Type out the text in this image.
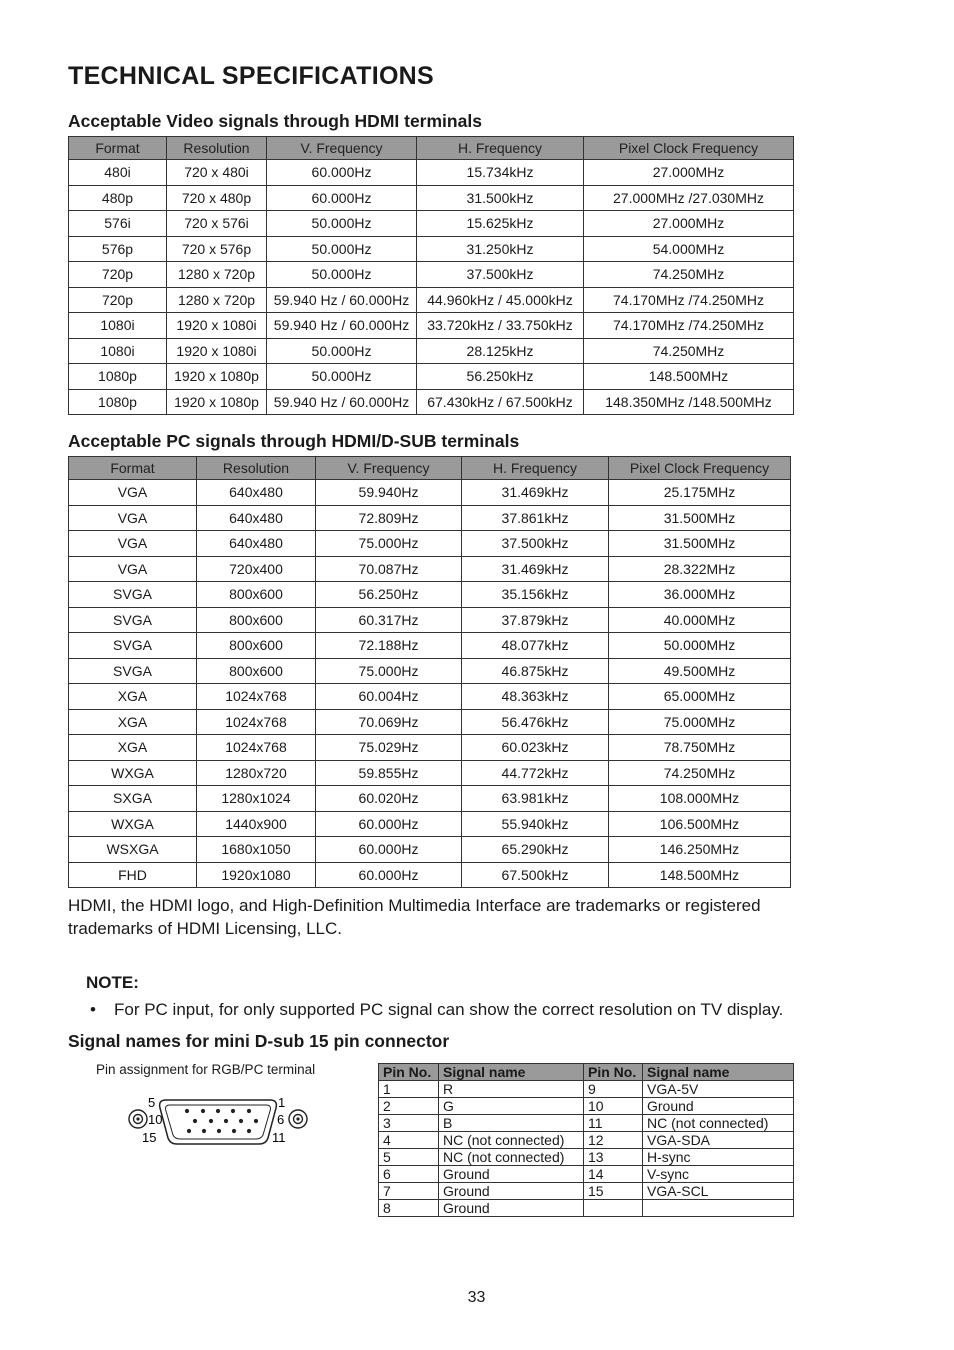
TECHNICAL SPECIFICATIONS
Acceptable Video signals through HDMI terminals
Format	Resolution	V. Frequency	H. Frequency	Pixel Clock Frequency
480i	720 x 480i	60.000Hz	15.734kHz	27.000MHz
480p	720 x 480p	60.000Hz	31.500kHz	27.000MHz /27.030MHz
576i	720 x 576i	50.000Hz	15.625kHz	27.000MHz
576p	720 x 576p	50.000Hz	31.250kHz	54.000MHz
720p	1280 x 720p	50.000Hz	37.500kHz	74.250MHz
720p	1280 x 720p	59.940 Hz / 60.000Hz	44.960kHz / 45.000kHz	74.170MHz /74.250MHz
1080i	1920 x 1080i	59.940 Hz / 60.000Hz	33.720kHz / 33.750kHz	74.170MHz /74.250MHz
1080i	1920 x 1080i	50.000Hz	28.125kHz	74.250MHz
1080p	1920 x 1080p	50.000Hz	56.250kHz	148.500MHz
1080p	1920 x 1080p	59.940 Hz / 60.000Hz	67.430kHz / 67.500kHz	148.350MHz /148.500MHz
Acceptable PC signals through HDMI/D-SUB terminals
Format	Resolution	V. Frequency	H. Frequency	Pixel Clock Frequency
VGA	640x480	59.940Hz	31.469kHz	25.175MHz
VGA	640x480	72.809Hz	37.861kHz	31.500MHz
VGA	640x480	75.000Hz	37.500kHz	31.500MHz
VGA	720x400	70.087Hz	31.469kHz	28.322MHz
SVGA	800x600	56.250Hz	35.156kHz	36.000MHz
SVGA	800x600	60.317Hz	37.879kHz	40.000MHz
SVGA	800x600	72.188Hz	48.077kHz	50.000MHz
SVGA	800x600	75.000Hz	46.875kHz	49.500MHz
XGA	1024x768	60.004Hz	48.363kHz	65.000MHz
XGA	1024x768	70.069Hz	56.476kHz	75.000MHz
XGA	1024x768	75.029Hz	60.023kHz	78.750MHz
WXGA	1280x720	59.855Hz	44.772kHz	74.250MHz
SXGA	1280x1024	60.020Hz	63.981kHz	108.000MHz
WXGA	1440x900	60.000Hz	55.940kHz	106.500MHz
WSXGA	1680x1050	60.000Hz	65.290kHz	146.250MHz
FHD	1920x1080	60.000Hz	67.500kHz	148.500MHz

HDMI, the HDMI logo, and High-Definition Multimedia Interface are trademarks or registered trademarks of HDMI Licensing, LLC.

NOTE:

• For PC input, for only supported PC signal can show the correct resolution on TV display.

Signal names for mini D-sub 15 pin connector
Pin assignment for RGB/PC terminal
5	1
10	6
15	11
Pin No.	Signal name	Pin No.	Signal name
1	R	9	VGA-5V
2	G	10	Ground
3	B	11	NC (not connected)
4	NC (not connected)	12	VGA-SDA
5	NC (not connected)	13	H-sync
6	Ground	14	V-sync
7	Ground	15	VGA-SCL
8	Ground		
33
